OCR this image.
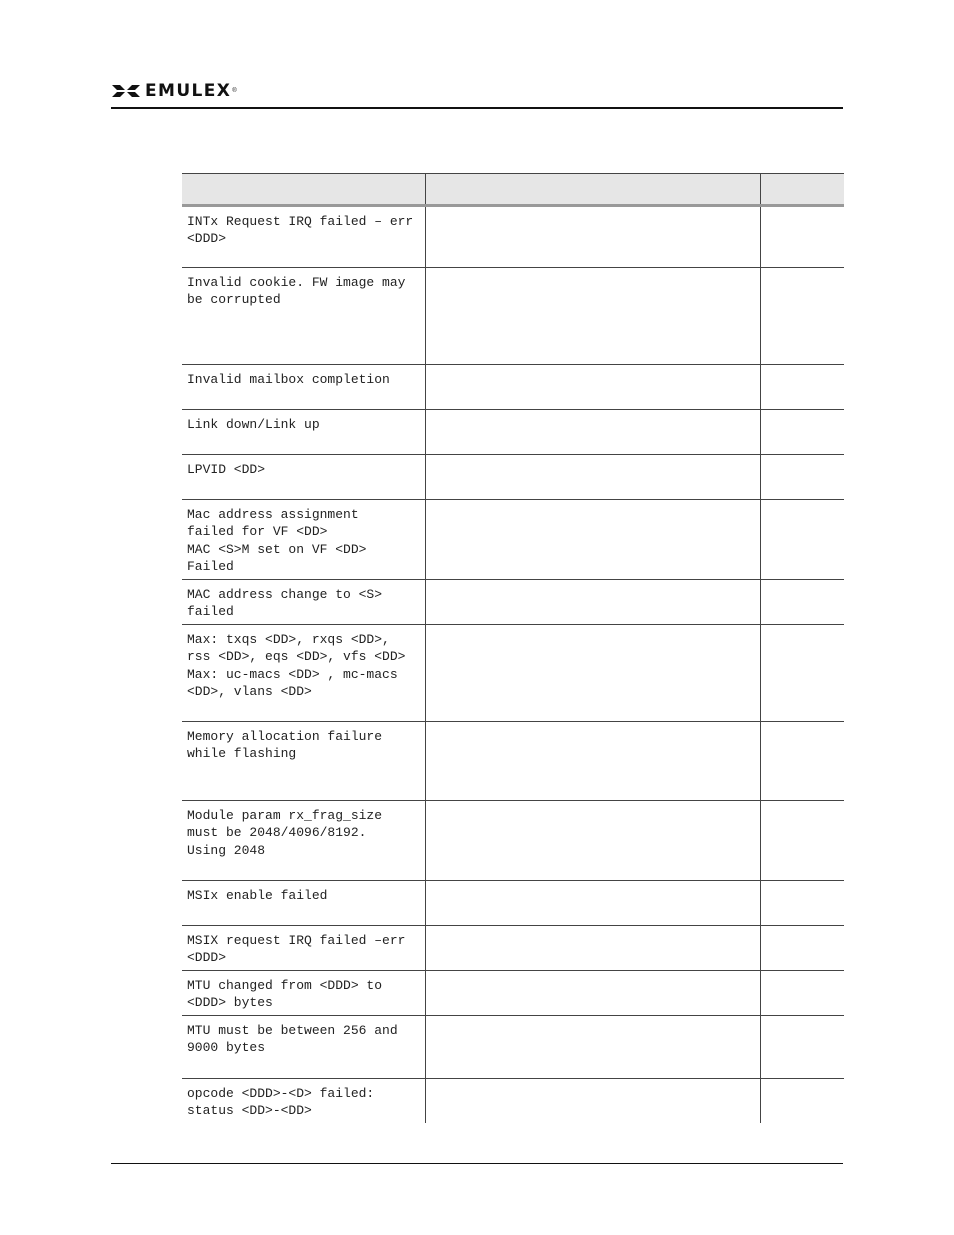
EMULEX ®

INTx Request IRQ failed – err
<DDD>		
Invalid cookie. FW image may
be corrupted		
Invalid mailbox completion		
Link down/Link up		
LPVID <DD>		
Mac address assignment
failed for VF <DD>
MAC <S>M set on VF <DD>
Failed		
MAC address change to <S>
failed		
Max: txqs <DD>, rxqs <DD>,
rss <DD>, eqs <DD>, vfs <DD>
Max: uc-macs <DD> , mc-macs
<DD>, vlans <DD>		
Memory allocation failure
while flashing		
Module param rx_frag_size
must be 2048/4096/8192.
Using 2048		
MSIx enable failed		
MSIX request IRQ failed –err
<DDD>		
MTU changed from <DDD> to
<DDD> bytes		
MTU must be between 256 and
9000 bytes		
opcode <DDD>-<D> failed:
status <DD>-<DD>		
